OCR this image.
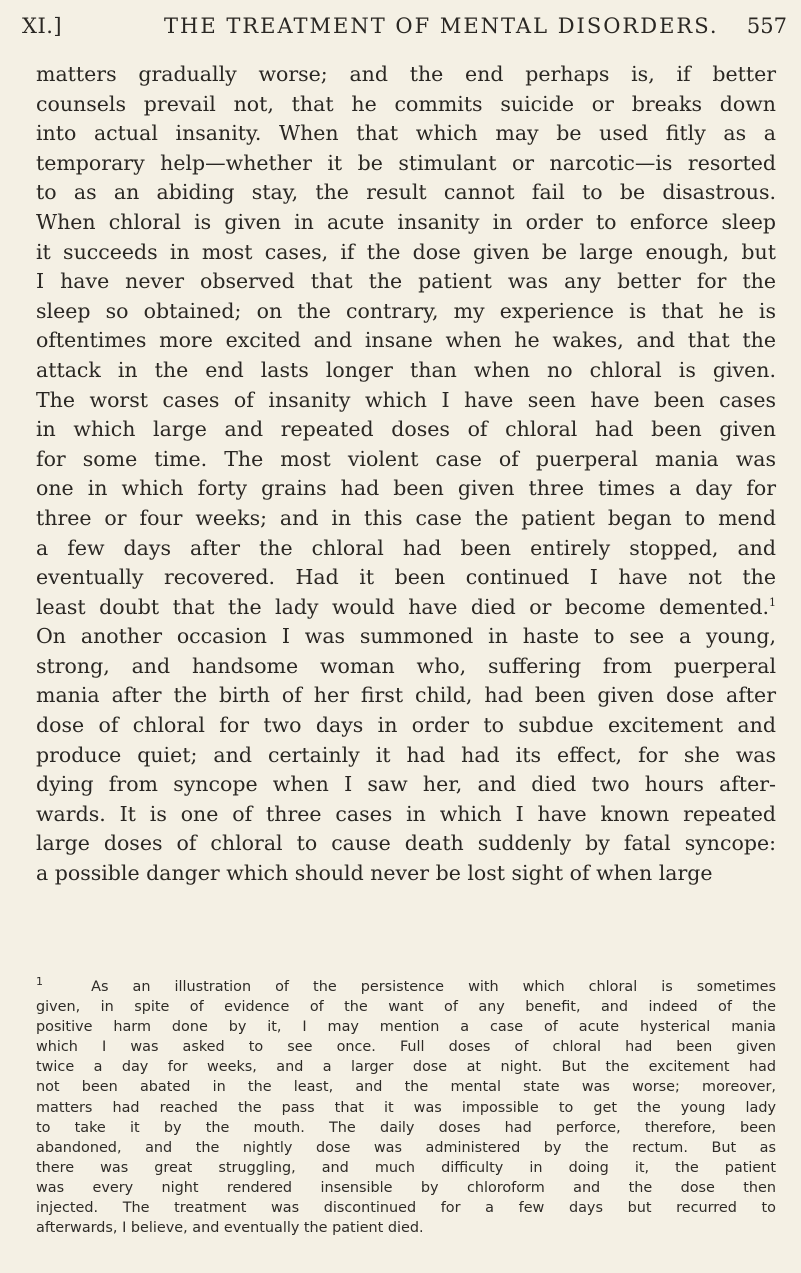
XI.]	THE TREATMENT OF MENTAL DISORDERS. 557
matters gradually worse; and the end perhaps is, if better
counsels prevail not, that he commits suicide or breaks down
into actual insanity. When that which may be used fitly as a
temporary help—whether it be stimulant or narcotic—is resorted
to as an abiding stay, the result cannot fail to be disastrous.
When chloral is given in acute insanity in order to enforce sleep
it succeeds in most cases, if the dose given be large enough, but
I have never observed that the patient was any better for the
sleep so obtained; on the contrary, my experience is that he is
oftentimes more excited and insane when he wakes, and that the
attack in the end lasts longer than when no chloral is given.
The worst cases of insanity which I have seen have been cases
in which large and repeated doses of chloral had been given
for some time. The most violent case of puerperal mania was
one in which forty grains had been given three times a day for
three or four weeks; and in this case the patient began to mend
a few days after the chloral had been entirely stopped, and
eventually recovered. Had it been continued I have not the
least doubt that the lady would have died or become demented.$^1$
On another occasion I was summoned in haste to see a young,
strong, and handsome woman who, suffering from puerperal
mania after the birth of her first child, had been given dose after
dose of chloral for two days in order to subdue excitement and
produce quiet; and certainly it had had its effect, for she was
dying from syncope when I saw her, and died two hours after-
wards. It is one of three cases in which I have known repeated
large doses of chloral to cause death suddenly by fatal syncope:
a possible danger which should never be lost sight of when large
$^1$	As an illustration of the persistence with which chloral is sometimes
given, in spite of evidence of the want of any benefit, and indeed of the
positive harm done by it, I may mention a case of acute hysterical mania
which I was asked to see once. Full doses of chloral had been given
twice a day for weeks, and a larger dose at night. But the excitement had
not been abated in the least, and the mental state was worse; moreover,
matters had reached the pass that it was impossible to get the young lady
to take it by the mouth. The daily doses had perforce, therefore, been
abandoned, and the nightly dose was administered by the rectum. But as
there was great struggling, and much difficulty in doing it, the patient
was every night rendered insensible by chloroform and the dose then
injected. The treatment was discontinued for a few days but recurred to
afterwards, I believe, and eventually the patient died.
